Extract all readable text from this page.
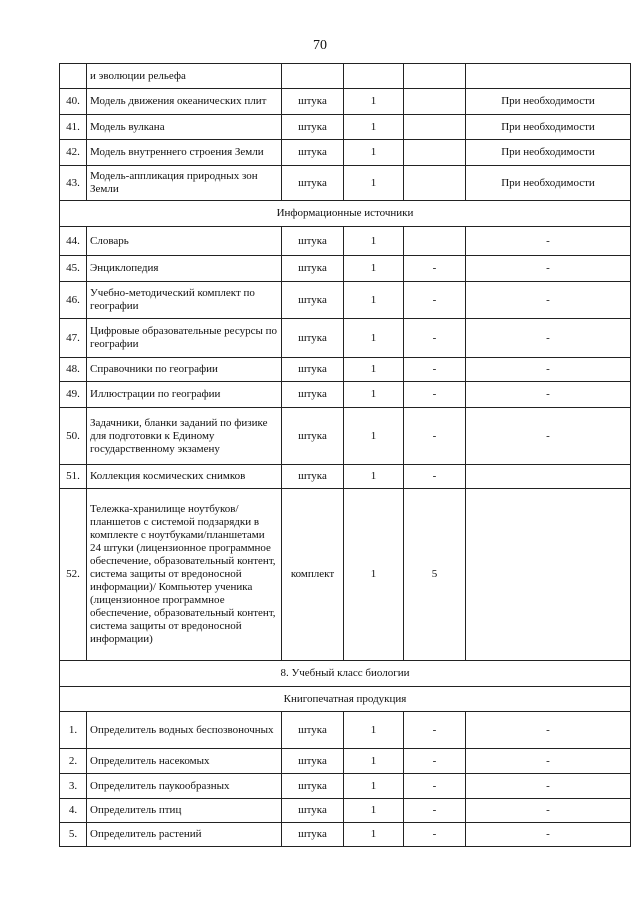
70
	и эволюции рельефа				
40.	Модель движения океанических плит	штука	1		При необходимости
41.	Модель вулкана	штука	1		При необходимости
42.	Модель внутреннего строения Земли	штука	1		При необходимости
43.	Модель-аппликация природных зон Земли	штука	1		При необходимости
Информационные источники					
44.	Словарь	штука	1		-
45.	Энциклопедия	штука	1	-	-
46.	Учебно-методический комплект по географии	штука	1	-	-
47.	Цифровые образовательные ресурсы по географии	штука	1	-	-
48.	Справочники по географии	штука	1	-	-
49.	Иллюстрации по географии	штука	1	-	-
50.	Задачники, бланки заданий по физике для подготовки к Единому государственному экзамену	штука	1	-	-
51.	Коллекция космических снимков	штука	1	-	
52.	Тележка-хранилище ноутбуков/планшетов с системой подзарядки в комплекте с ноутбуками/планшетами 24 штуки (лицензионное программное обеспечение, образовательный контент, система защиты от вредоносной информации)/ Компьютер ученика (лицензионное программное обеспечение, образовательный контент, система защиты от вредоносной информации)	комплект	1	5	
8. Учебный класс биологии					
Книгопечатная продукция					
1.	Определитель водных беспозвоночных	штука	1	-	-
2.	Определитель насекомых	штука	1	-	-
3.	Определитель паукообразных	штука	1	-	-
4.	Определитель птиц	штука	1	-	-
5.	Определитель растений	штука	1	-	-
